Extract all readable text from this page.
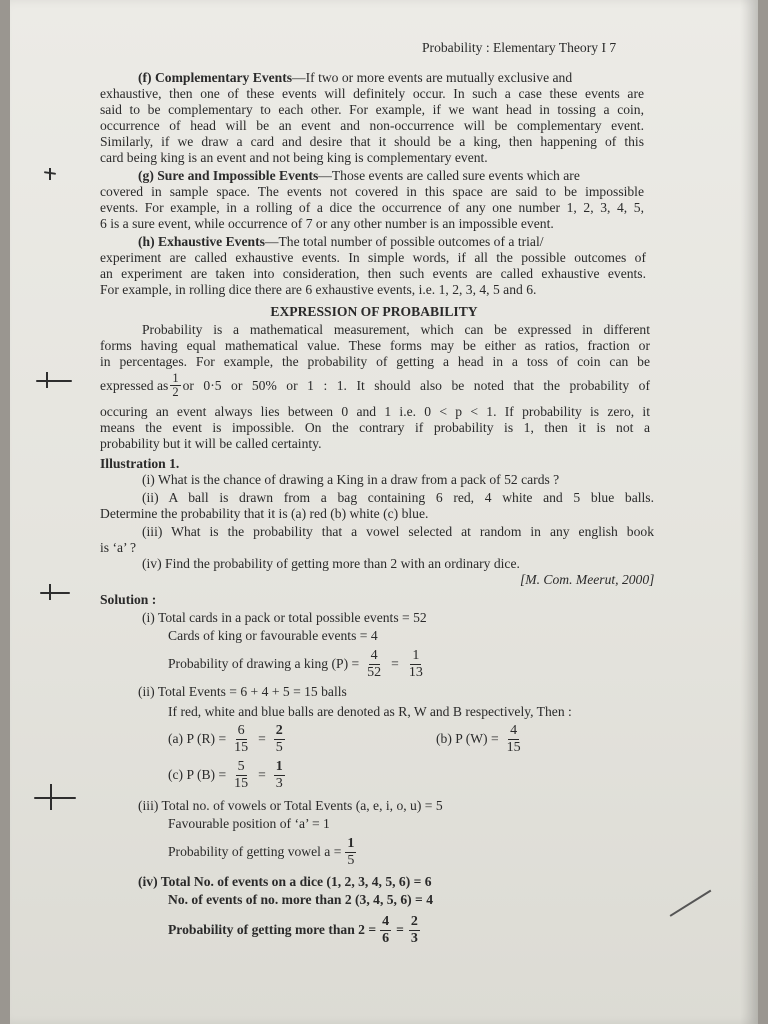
Probability : Elementary Theory I 7
(f) Complementary Events—If two or more events are mutually exclusive and
exhaustive, then one of these events will definitely occur. In such a case these events are
said to be complementary to each other. For example, if we want head in tossing a coin,
occurrence of head will be an event and non-occurrence will be complementary event.
Similarly, if we draw a card and desire that it should be a king, then happening of this
card being king is an event and not being king is complementary event.
(g) Sure and Impossible Events—Those events are called sure events which are
covered in sample space. The events not covered in this space are said to be impossible
events. For example, in a rolling of a dice the occurrence of any one number 1, 2, 3, 4, 5,
6 is a sure event, while occurrence of 7 or any other number is an impossible event.
(h) Exhaustive Events—The total number of possible outcomes of a trial/
experiment are called exhaustive events. In simple words, if all the possible outcomes of
an experiment are taken into consideration, then such events are called exhaustive events.
For example, in rolling dice there are 6 exhaustive events, i.e. 1, 2, 3, 4, 5 and 6.
EXPRESSION OF PROBABILITY
Probability is a mathematical measurement, which can be expressed in different
forms having equal mathematical value. These forms may be either as ratios, fraction or
in percentages. For example, the probability of getting a head in a toss of coin can be
expressed as $\frac{1}{2}$ or 0·5 or 50% or 1 : 1. It should also be noted that the probability of
occuring an event always lies between 0 and 1 i.e. 0 < p < 1. If probability is zero, it
means the event is impossible. On the contrary if probability is 1, then it is not a
probability but it will be called certainty.
Illustration 1.
(i) What is the chance of drawing a King in a draw from a pack of 52 cards ?
(ii) A ball is drawn from a bag containing 6 red, 4 white and 5 blue balls.
Determine the probability that it is (a) red (b) white (c) blue.
(iii) What is the probability that a vowel selected at random in any english book
is ‘a’ ?
(iv) Find the probability of getting more than 2 with an ordinary dice.
[M. Com. Meerut, 2000]
Solution :
(i) Total cards in a pack or total possible events = 52
Cards of king or favourable events = 4
Probability of drawing a king $(P) = \frac{4}{52} = \frac{1}{13}$
(ii) Total Events = 6 + 4 + 5 = 15 balls
If red, white and blue balls are denoted as R, W and B respectively, Then :
(a) P $(R) = \frac{6}{15} = \frac{2}{5}$	(b) P $(W) = \frac{4}{15}$
(c) P $(B) = \frac{5}{15} = \frac{1}{3}$
(iii) Total no. of vowels or Total Events (a, e, i, o, u) = 5
Favourable position of ‘a’ = 1
Probability of getting vowel $a = \frac{1}{5}$
(iv) Total No. of events on a dice (1, 2, 3, 4, 5, 6) = 6
No. of events of no. more than 2 (3, 4, 5, 6) = 4
Probability of getting more than $2 = \frac{4}{6} = \frac{2}{3}$
